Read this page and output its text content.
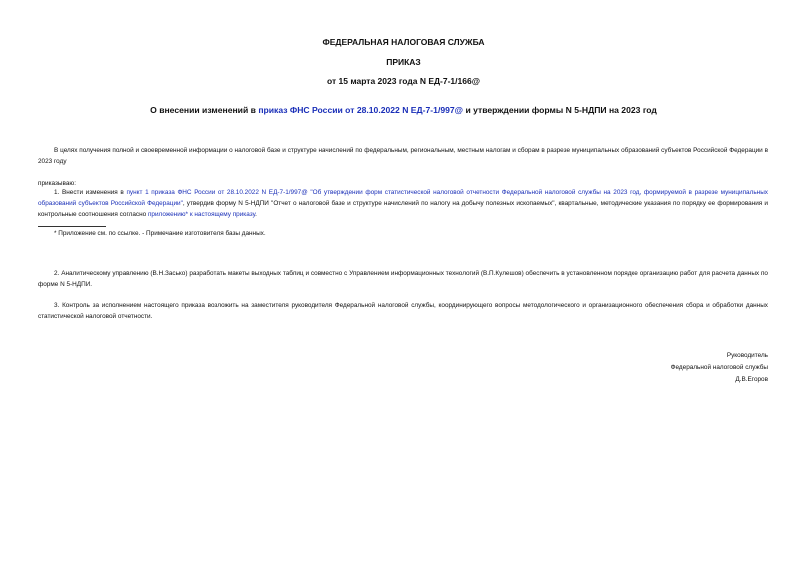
ФЕДЕРАЛЬНАЯ НАЛОГОВАЯ СЛУЖБА
ПРИКАЗ
от 15 марта 2023 года N ЕД-7-1/166@
О внесении изменений в приказ ФНС России от 28.10.2022 N ЕД-7-1/997@ и утверждении формы N 5-НДПИ на 2023 год
В целях получения полной и своевременной информации о налоговой базе и структуре начислений по федеральным, региональным, местным налогам и сборам в разрезе муниципальных образований субъектов Российской Федерации в 2023 году
приказываю:
1. Внести изменения в пункт 1 приказа ФНС России от 28.10.2022 N ЕД-7-1/997@ "Об утверждении форм статистической налоговой отчетности Федеральной налоговой службы на 2023 год, формируемой в разрезе муниципальных образований субъектов Российской Федерации", утвердив форму N 5-НДПИ "Отчет о налоговой базе и структуре начислений по налогу на добычу полезных ископаемых", квартальные, методические указания по порядку ее формирования и контрольные соотношения согласно приложению* к настоящему приказу.
* Приложение см. по ссылке. - Примечание изготовителя базы данных.
2. Аналитическому управлению (В.Н.Засько) разработать макеты выходных таблиц и совместно с Управлением информационных технологий (В.П.Кулешов) обеспечить в установленном порядке организацию работ для расчета данных по форме N 5-НДПИ.
3. Контроль за исполнением настоящего приказа возложить на заместителя руководителя Федеральной налоговой службы, координирующего вопросы методологического и организационного обеспечения сбора и обработки данных статистической налоговой отчетности.
Руководитель
Федеральной налоговой службы
Д.В.Егоров
